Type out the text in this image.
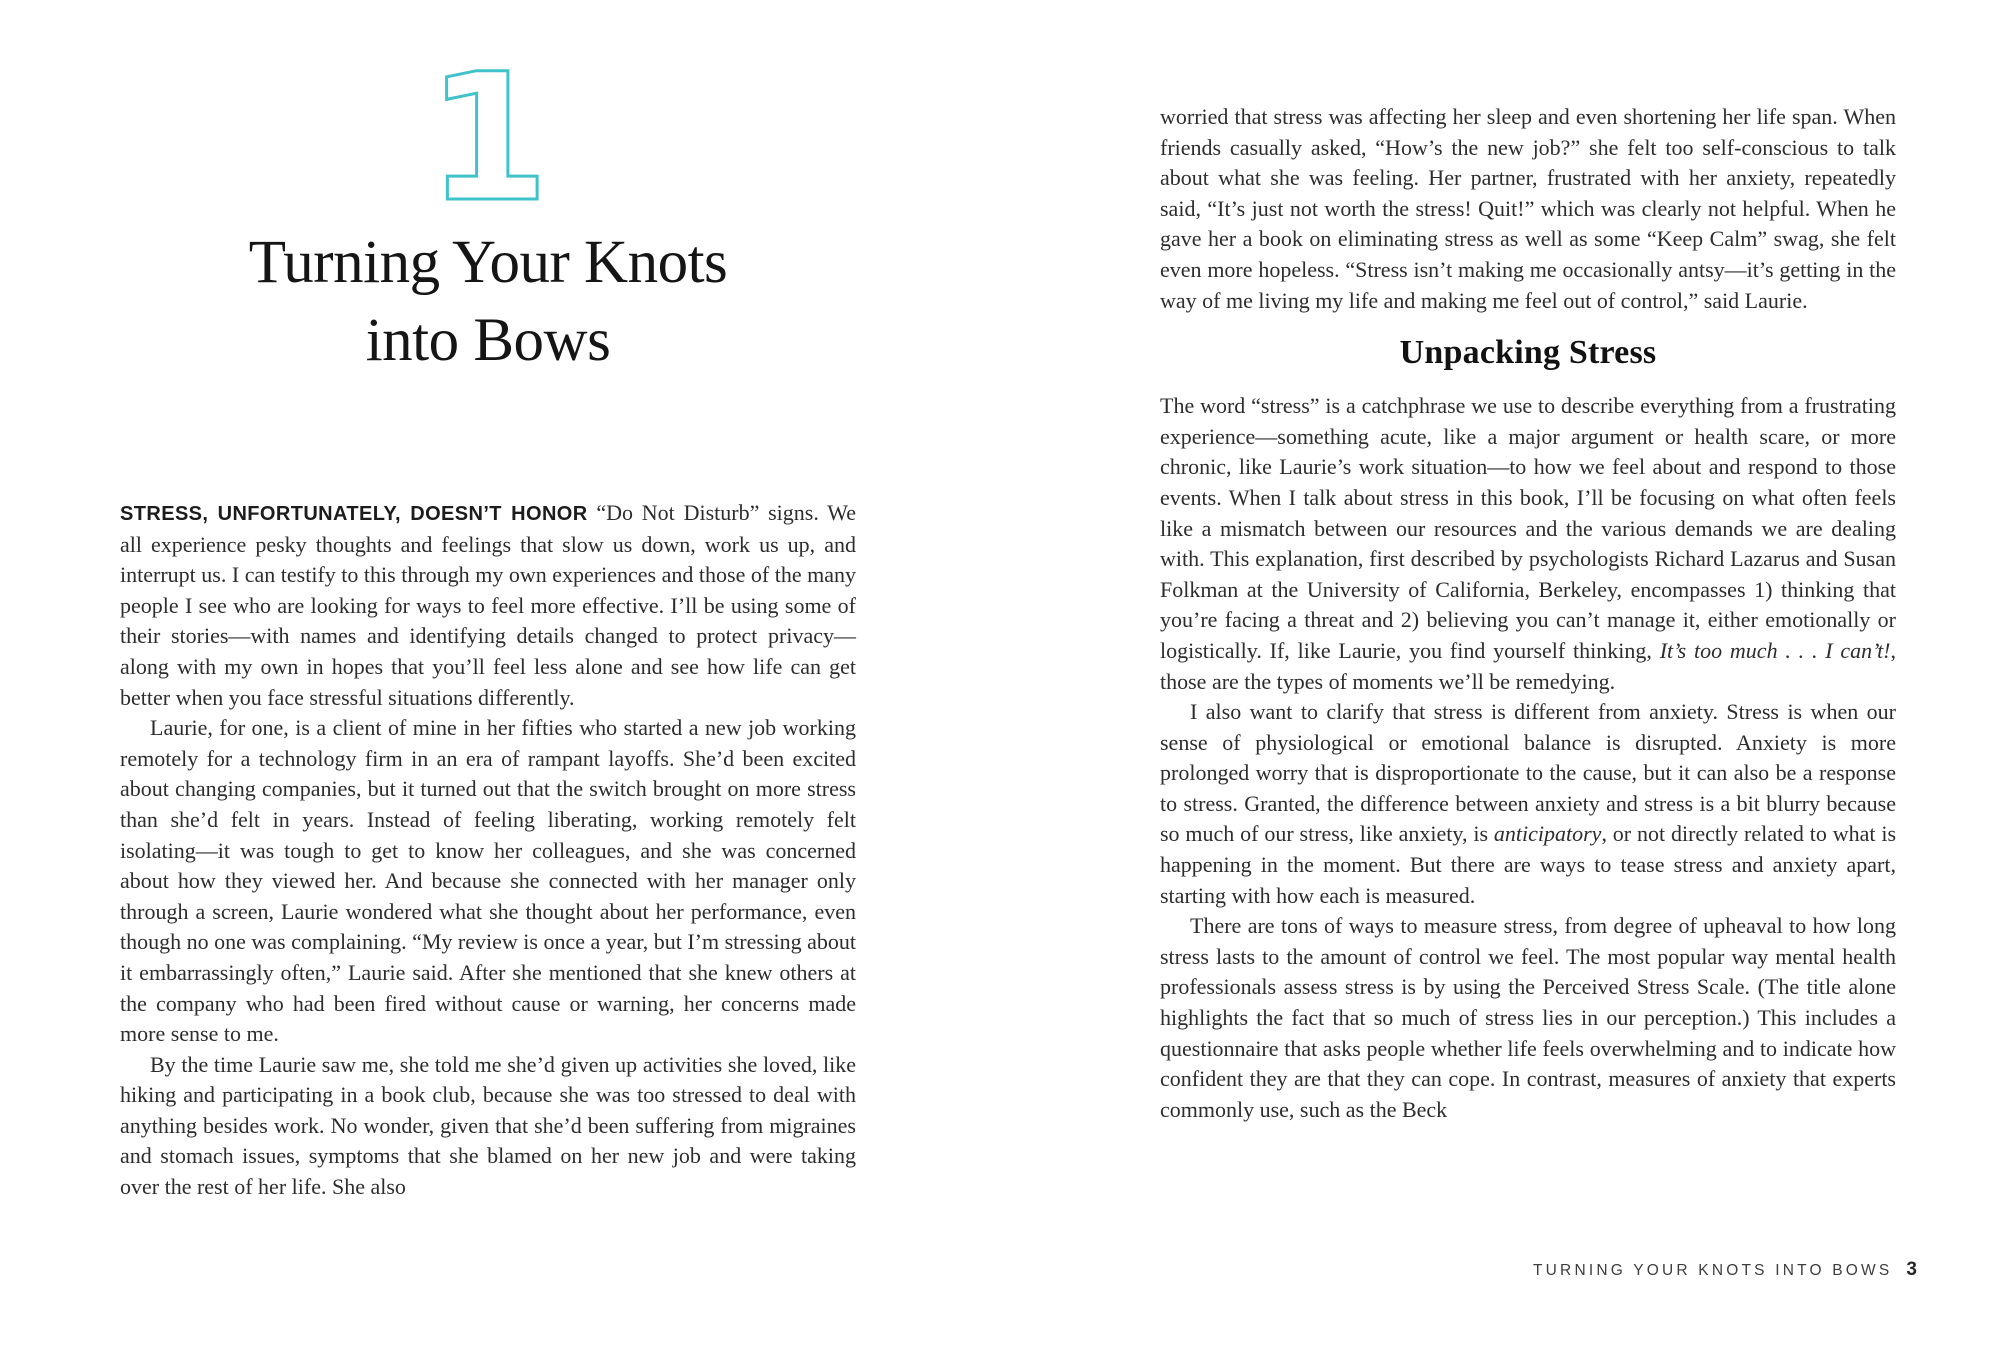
1
Turning Your Knots
into Bows

STRESS, UNFORTUNATELY, DOESN’T HONOR “Do Not Disturb” signs. We all experience pesky thoughts and feelings that slow us down, work us up, and interrupt us. I can testify to this through my own experiences and those of the many people I see who are looking for ways to feel more effective. I’ll be using some of their stories—with names and identifying details changed to protect privacy—along with my own in hopes that you’ll feel less alone and see how life can get better when you face stressful situations differently.

Laurie, for one, is a client of mine in her fifties who started a new job working remotely for a technology firm in an era of rampant layoffs. She’d been excited about changing companies, but it turned out that the switch brought on more stress than she’d felt in years. Instead of feeling liberating, working remotely felt isolating—it was tough to get to know her colleagues, and she was concerned about how they viewed her. And because she connected with her manager only through a screen, Laurie wondered what she thought about her performance, even though no one was complaining. “My review is once a year, but I’m stressing about it embarrassingly often,” Laurie said. After she mentioned that she knew others at the company who had been fired without cause or warning, her concerns made more sense to me.

By the time Laurie saw me, she told me she’d given up activities she loved, like hiking and participating in a book club, because she was too stressed to deal with anything besides work. No wonder, given that she’d been suffering from migraines and stomach issues, symptoms that she blamed on her new job and were taking over the rest of her life. She also

worried that stress was affecting her sleep and even shortening her life span. When friends casually asked, “How’s the new job?” she felt too self-conscious to talk about what she was feeling. Her partner, frustrated with her anxiety, repeatedly said, “It’s just not worth the stress! Quit!” which was clearly not helpful. When he gave her a book on eliminating stress as well as some “Keep Calm” swag, she felt even more hopeless. “Stress isn’t making me occasionally antsy—it’s getting in the way of me living my life and making me feel out of control,” said Laurie.

Unpacking Stress

The word “stress” is a catchphrase we use to describe everything from a frustrating experience—something acute, like a major argument or health scare, or more chronic, like Laurie’s work situation—to how we feel about and respond to those events. When I talk about stress in this book, I’ll be focusing on what often feels like a mismatch between our resources and the various demands we are dealing with. This explanation, first described by psychologists Richard Lazarus and Susan Folkman at the University of California, Berkeley, encompasses 1) thinking that you’re facing a threat and 2) believing you can’t manage it, either emotionally or logistically. If, like Laurie, you find yourself thinking, It’s too much . . . I can’t!, those are the types of moments we’ll be remedying.

I also want to clarify that stress is different from anxiety. Stress is when our sense of physiological or emotional balance is disrupted. Anxiety is more prolonged worry that is disproportionate to the cause, but it can also be a response to stress. Granted, the difference between anxiety and stress is a bit blurry because so much of our stress, like anxiety, is anticipatory, or not directly related to what is happening in the moment. But there are ways to tease stress and anxiety apart, starting with how each is measured.

There are tons of ways to measure stress, from degree of upheaval to how long stress lasts to the amount of control we feel. The most popular way mental health professionals assess stress is by using the Perceived Stress Scale. (The title alone highlights the fact that so much of stress lies in our perception.) This includes a questionnaire that asks people whether life feels overwhelming and to indicate how confident they are that they can cope. In contrast, measures of anxiety that experts commonly use, such as the Beck

TURNING YOUR KNOTS INTO BOWS 3
